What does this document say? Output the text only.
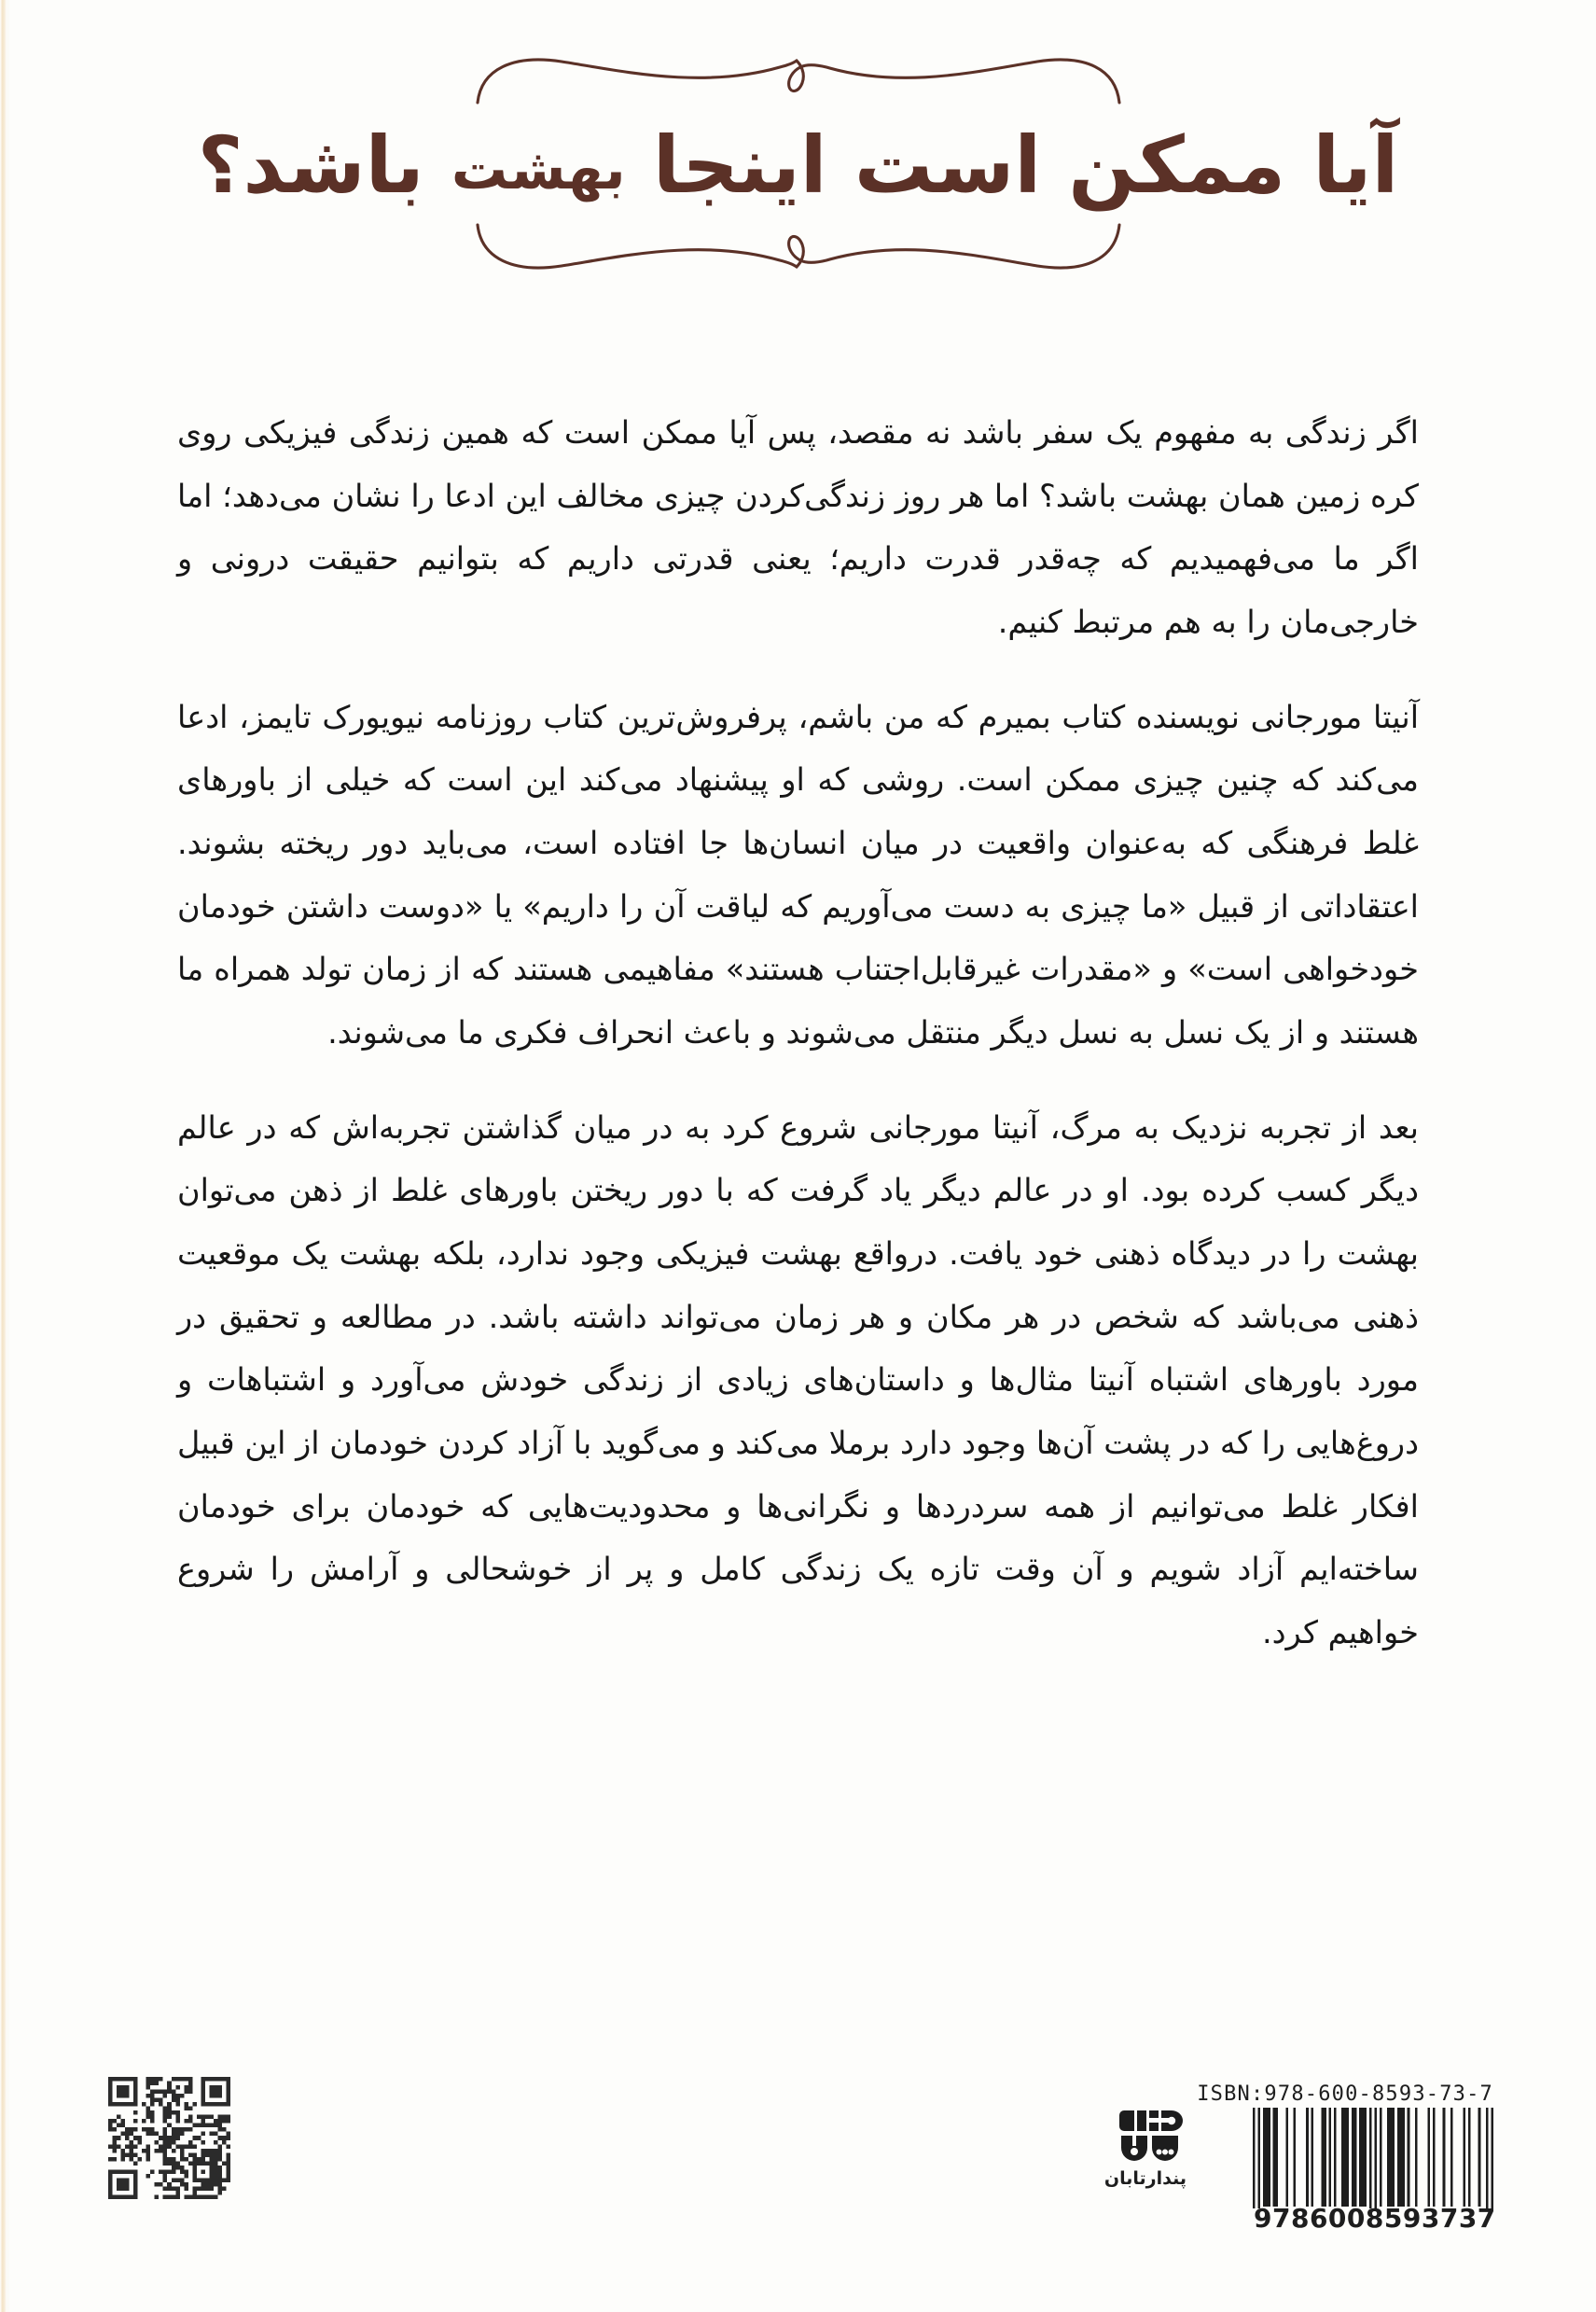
آیا ممکن است اینجا بهشت باشد؟

اگر زندگی به مفهوم یک سفر باشد نه مقصد، پس آیا ممکن است که همین زندگی فیزیکی روی کره زمین همان بهشت باشد؟ اما هر روز زندگی‌کردن چیزی مخالف این ادعا را نشان می‌دهد؛ اما اگر ما می‌فهمیدیم که چه‌قدر قدرت داریم؛ یعنی قدرتی داریم که بتوانیم حقیقت درونی و خارجی‌مان را به هم مرتبط کنیم.

آنیتا مورجانی نویسنده کتاب بمیرم که من باشم، پرفروش‌ترین کتاب روزنامه نیویورک تایمز، ادعا می‌کند که چنین چیزی ممکن است. روشی که او پیشنهاد می‌کند این است که خیلی از باورهای غلط فرهنگی که به‌عنوان واقعیت در میان انسان‌ها جا افتاده است، می‌باید دور ریخته بشوند. اعتقاداتی از قبیل «ما چیزی به دست می‌آوریم که لیاقت آن را داریم» یا «دوست داشتن خودمان خودخواهی است» و «مقدرات غیرقابل‌اجتناب هستند» مفاهیمی هستند که از زمان تولد همراه ما هستند و از یک نسل به نسل دیگر منتقل می‌شوند و باعث انحراف فکری ما می‌شوند.

بعد از تجربه نزدیک به مرگ، آنیتا مورجانی شروع کرد به در میان گذاشتن تجربه‌اش که در عالم دیگر کسب کرده بود. او در عالم دیگر یاد گرفت که با دور ریختن باورهای غلط از ذهن می‌توان بهشت را در دیدگاه ذهنی خود یافت. درواقع بهشت فیزیکی وجود ندارد، بلکه بهشت یک موقعیت ذهنی می‌باشد که شخص در هر مکان و هر زمان می‌تواند داشته باشد. در مطالعه و تحقیق در مورد باورهای اشتباه آنیتا مثال‌ها و داستان‌های زیادی از زندگی خودش می‌آورد و اشتباهات و دروغ‌هایی را که در پشت آن‌ها وجود دارد برملا می‌کند و می‌گوید با آزاد کردن خودمان از این قبیل افکار غلط می‌توانیم از همه سردردها و نگرانی‌ها و محدودیت‌هایی که خودمان برای خودمان ساخته‌ایم آزاد شویم و آن وقت تازه یک زندگی کامل و پر از خوشحالی و آرامش را شروع خواهیم کرد.

ISBN:978-600-8593-73-7
9 786008 593737
پندارتابان
